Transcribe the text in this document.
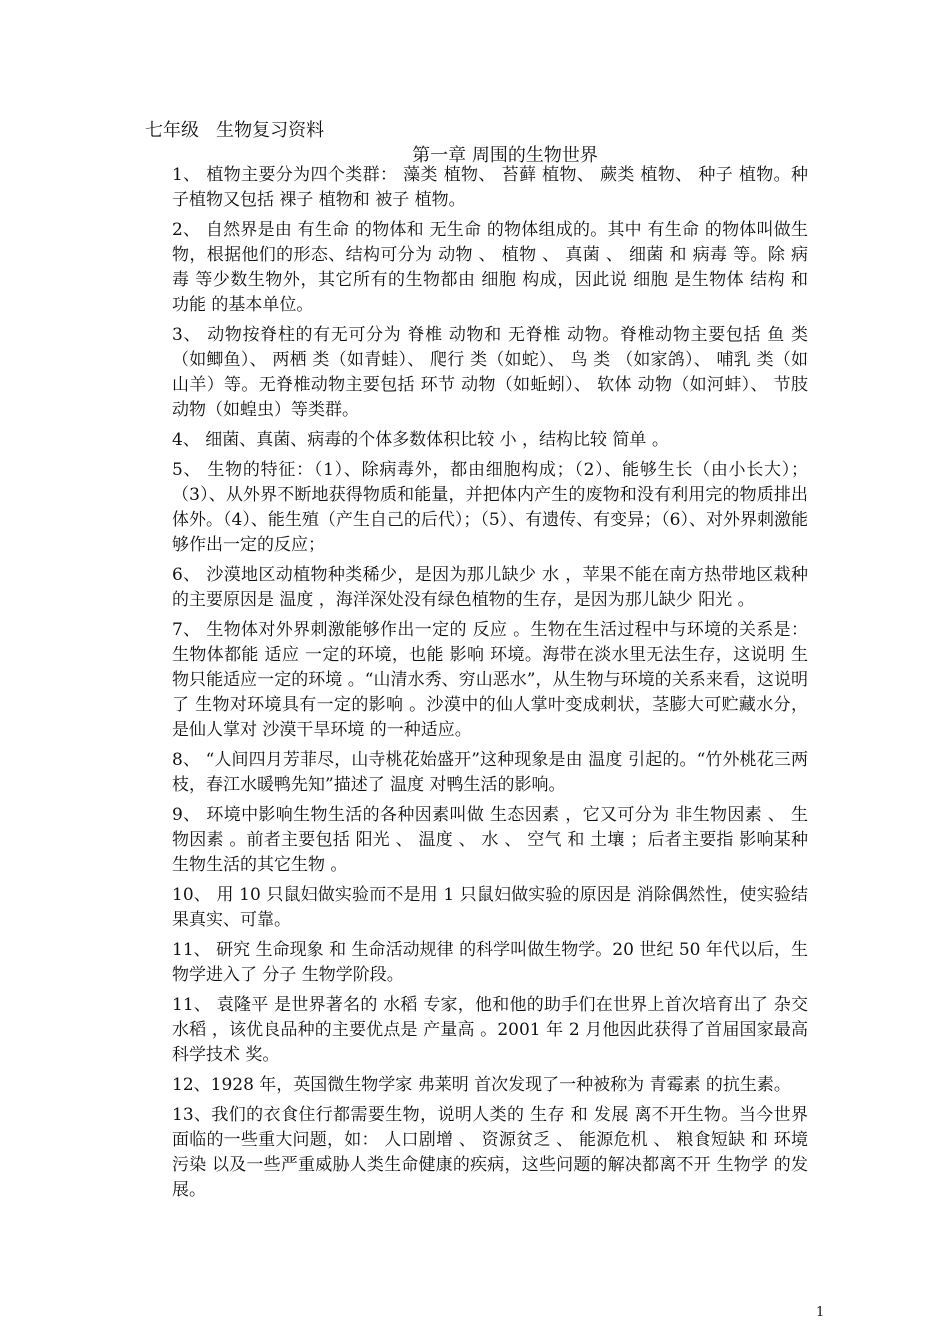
七年级   生物复习资料
第一章 周围的生物世界

1、 植物主要分为四个类群： 藻类 植物、 苔藓 植物、 蕨类 植物、 种子 植物。种子植物又包括 裸子 植物和 被子 植物。

2、 自然界是由 有生命 的物体和 无生命 的物体组成的。其中 有生命 的物体叫做生物，根据他们的形态、结构可分为 动物 、 植物 、 真菌 、 细菌 和 病毒 等。除 病毒 等少数生物外，其它所有的生物都由 细胞 构成，因此说 细胞 是生物体 结构 和 功能 的基本单位。

3、 动物按脊柱的有无可分为 脊椎 动物和 无脊椎 动物。脊椎动物主要包括 鱼 类（如鲫鱼）、 两栖 类（如青蛙）、 爬行 类（如蛇）、 鸟 类 （如家鸽）、 哺乳 类（如山羊）等。无脊椎动物主要包括 环节 动物（如蚯蚓）、 软体 动物（如河蚌）、 节肢 动物（如蝗虫）等类群。

4、 细菌、真菌、病毒的个体多数体积比较 小 ，结构比较 简单 。

5、 生物的特征：（1）、除病毒外，都由细胞构成；（2）、能够生长（由小长大）；（3）、从外界不断地获得物质和能量，并把体内产生的废物和没有利用完的物质排出体外。（4）、能生殖（产生自己的后代）；（5）、有遗传、有变异；（6）、对外界刺激能够作出一定的反应；

6、 沙漠地区动植物种类稀少，是因为那儿缺少 水 ，苹果不能在南方热带地区栽种的主要原因是 温度 ，海洋深处没有绿色植物的生存，是因为那儿缺少 阳光 。

7、 生物体对外界刺激能够作出一定的 反应 。生物在生活过程中与环境的关系是：生物体都能 适应 一定的环境，也能 影响 环境。海带在淡水里无法生存，这说明 生物只能适应一定的环境 。“山清水秀、穷山恶水”，从生物与环境的关系来看，这说明了 生物对环境具有一定的影响 。沙漠中的仙人掌叶变成刺状，茎膨大可贮藏水分，是仙人掌对 沙漠干旱环境 的一种适应。

8、 “人间四月芳菲尽，山寺桃花始盛开”这种现象是由 温度 引起的。“竹外桃花三两枝，春江水暖鸭先知”描述了 温度 对鸭生活的影响。

9、 环境中影响生物生活的各种因素叫做 生态因素 ，它又可分为 非生物因素 、 生物因素 。前者主要包括 阳光 、 温度 、 水 、 空气 和 土壤 ；后者主要指 影响某种生物生活的其它生物 。

10、 用 10 只鼠妇做实验而不是用 1 只鼠妇做实验的原因是 消除偶然性，使实验结果真实、可靠。

11、 研究 生命现象 和 生命活动规律 的科学叫做生物学。20 世纪 50 年代以后，生物学进入了 分子 生物学阶段。

11、 袁隆平 是世界著名的 水稻 专家，他和他的助手们在世界上首次培育出了 杂交水稻 ，该优良品种的主要优点是 产量高 。2001 年 2 月他因此获得了首届国家最高 科学技术 奖。

12、1928 年，英国微生物学家 弗莱明 首次发现了一种被称为 青霉素 的抗生素。

13、我们的衣食住行都需要生物，说明人类的 生存 和 发展 离不开生物。当今世界面临的一些重大问题，如： 人口剧增 、 资源贫乏 、 能源危机 、 粮食短缺 和 环境污染 以及一些严重威胁人类生命健康的疾病，这些问题的解决都离不开 生物学 的发展。

1
